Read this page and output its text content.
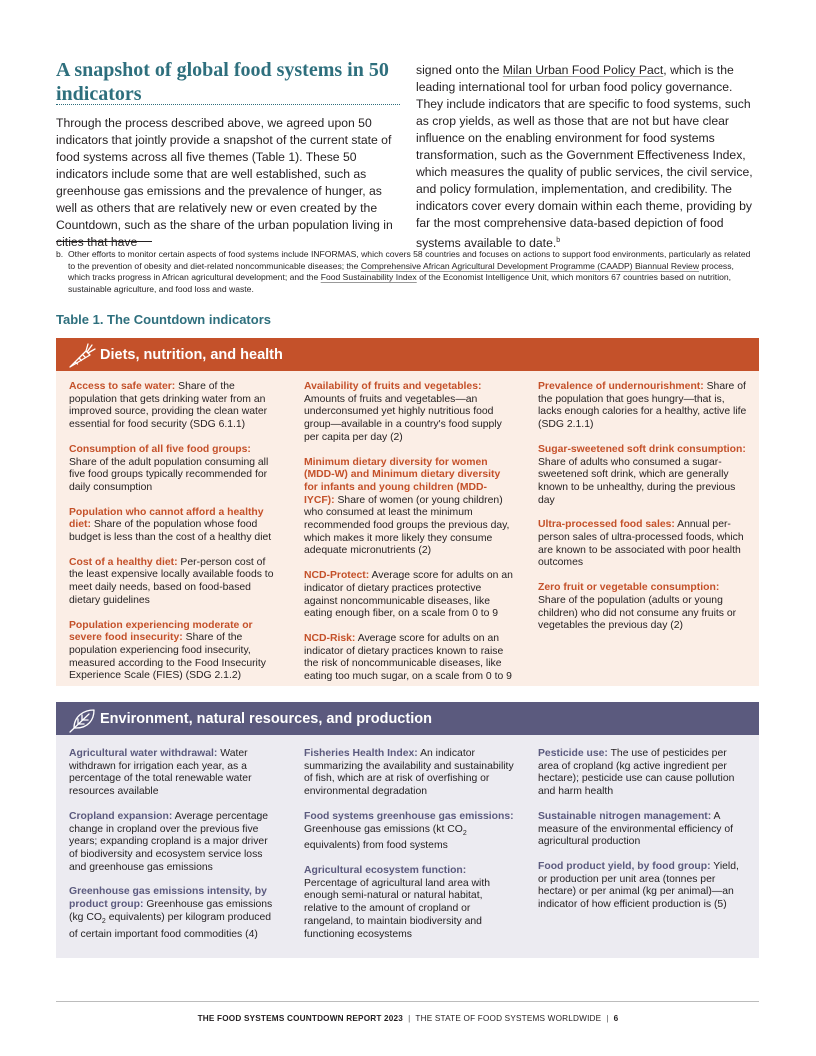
A snapshot of global food systems in 50 indicators

Through the process described above, we agreed upon 50 indicators that jointly provide a snapshot of the current state of food systems across all five themes (Table 1). These 50 indicators include some that are well established, such as greenhouse gas emissions and the prevalence of hunger, as well as others that are relatively new or even created by the Countdown, such as the share of the urban population living in cities that have

signed onto the Milan Urban Food Policy Pact, which is the leading international tool for urban food policy governance. They include indicators that are specific to food systems, such as crop yields, as well as those that are not but have clear influence on the enabling environment for food systems transformation, such as the Government Effectiveness Index, which measures the quality of public services, the civil service, and policy formulation, implementation, and credibility. The indicators cover every domain within each theme, providing by far the most comprehensive data-based depiction of food systems available to date.$^b$

b. Other efforts to monitor certain aspects of food systems include INFORMAS, which covers 58 countries and focuses on actions to support food environments, particularly as related to the prevention of obesity and diet-related noncommunicable diseases; the Comprehensive African Agricultural Development Programme (CAADP) Biannual Review process, which tracks progress in African agricultural development; and the Food Sustainability Index of the Economist Intelligence Unit, which monitors 67 countries based on nutrition, sustainable agriculture, and food loss and waste.
Table 1. The Countdown indicators
Diets, nutrition, and health

Access to safe water: Share of the population that gets drinking water from an improved source, providing the clean water essential for food security (SDG 6.1.1)

Consumption of all five food groups: Share of the adult population consuming all five food groups typically recommended for daily consumption

Population who cannot afford a healthy diet: Share of the population whose food budget is less than the cost of a healthy diet

Cost of a healthy diet: Per-person cost of the least expensive locally available foods to meet daily needs, based on food-based dietary guidelines

Population experiencing moderate or severe food insecurity: Share of the population experiencing food insecurity, measured according to the Food Insecurity Experience Scale (FIES) (SDG 2.1.2)

Availability of fruits and vegetables: Amounts of fruits and vegetables—an underconsumed yet highly nutritious food group—available in a country's food supply per capita per day (2)

Minimum dietary diversity for women (MDD-W) and Minimum dietary diversity for infants and young children (MDD-IYCF): Share of women (or young children) who consumed at least the minimum recommended food groups the previous day, which makes it more likely they consume adequate micronutrients (2)

NCD-Protect: Average score for adults on an indicator of dietary practices protective against noncommunicable diseases, like eating enough fiber, on a scale from 0 to 9

NCD-Risk: Average score for adults on an indicator of dietary practices known to raise the risk of noncommunicable diseases, like eating too much sugar, on a scale from 0 to 9

Prevalence of undernourishment: Share of the population that goes hungry—that is, lacks enough calories for a healthy, active life (SDG 2.1.1)

Sugar-sweetened soft drink consumption: Share of adults who consumed a sugar-sweetened soft drink, which are generally known to be unhealthy, during the previous day

Ultra-processed food sales: Annual per-person sales of ultra-processed foods, which are known to be associated with poor health outcomes

Zero fruit or vegetable consumption: Share of the population (adults or young children) who did not consume any fruits or vegetables the previous day (2)

Environment, natural resources, and production

Agricultural water withdrawal: Water withdrawn for irrigation each year, as a percentage of the total renewable water resources available

Cropland expansion: Average percentage change in cropland over the previous five years; expanding cropland is a major driver of biodiversity and ecosystem service loss and greenhouse gas emissions

Greenhouse gas emissions intensity, by product group: Greenhouse gas emissions (kg $CO_2$ equivalents) per kilogram produced of certain important food commodities (4)

Fisheries Health Index: An indicator summarizing the availability and sustainability of fish, which are at risk of overfishing or environmental degradation

Food systems greenhouse gas emissions: Greenhouse gas emissions (kt $CO_2$ equivalents) from food systems

Agricultural ecosystem function: Percentage of agricultural land area with enough semi-natural or natural habitat, relative to the amount of cropland or rangeland, to maintain biodiversity and functioning ecosystems

Pesticide use: The use of pesticides per area of cropland (kg active ingredient per hectare); pesticide use can cause pollution and harm health

Sustainable nitrogen management: A measure of the environmental efficiency of agricultural production

Food product yield, by food group: Yield, or production per unit area (tonnes per hectare) or per animal (kg per animal)—an indicator of how efficient production is (5)

THE FOOD SYSTEMS COUNTDOWN REPORT 2023 | THE STATE OF FOOD SYSTEMS WORLDWIDE | 6
